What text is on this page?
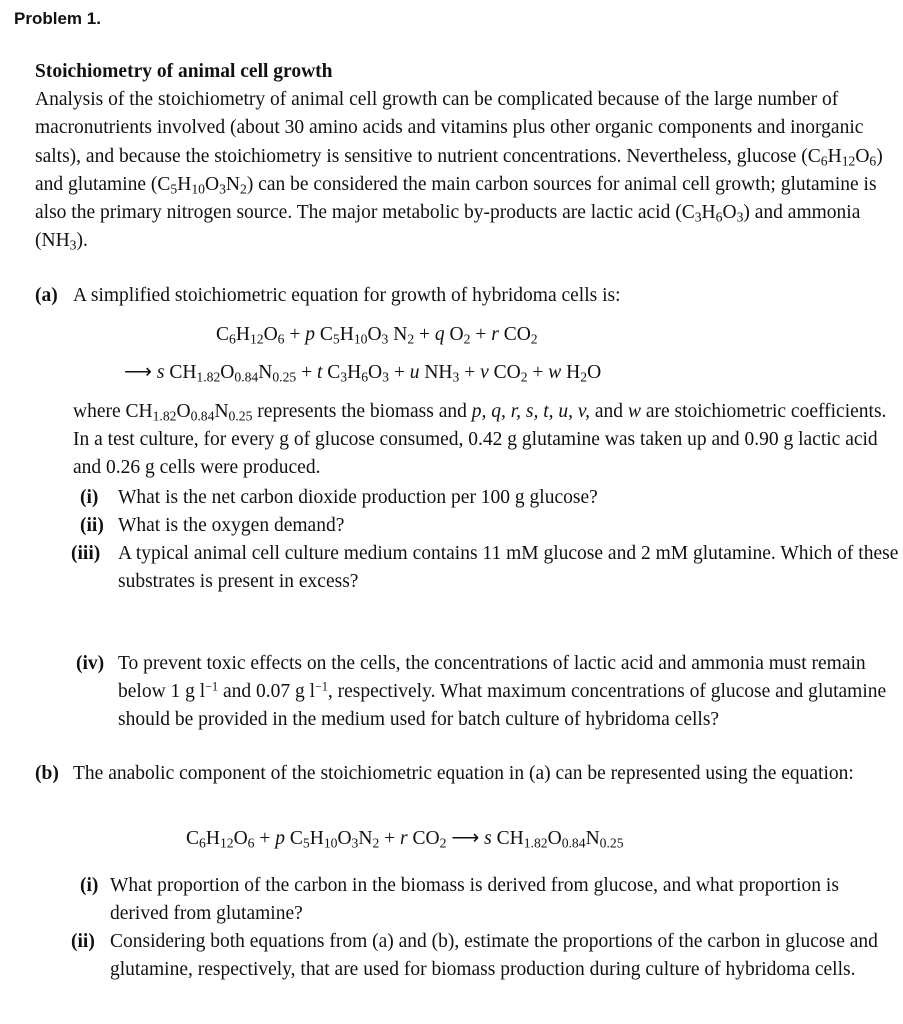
Problem 1.
Stoichiometry of animal cell growth
Analysis of the stoichiometry of animal cell growth can be complicated because of the large number of macronutrients involved (about 30 amino acids and vitamins plus other organic components and inorganic salts), and because the stoichiometry is sensitive to nutrient concentrations. Nevertheless, glucose $(C_6H_{12}O_6)$ and glutamine $(C_5H_{10}O_3N_2)$ can be considered the main carbon sources for animal cell growth; glutamine is also the primary nitrogen source. The major metabolic by-products are lactic acid $(C_3H_6O_3)$ and ammonia $(NH_3)$.
(a) A simplified stoichiometric equation for growth of hybridoma cells is:
$C_6H_{12}O_6 + p$ $C_5H_{10}O_3$ $N_2 + q$ $O_2 + r$ $CO_2$
⟶ s $CH_{1.82}O_{0.84}N_{0.25} + t$ $C_3H_6O_3 + u$ $NH_3 + v$ $CO_2 + w$ $H_2O$
where $CH_{1.82}O_{0.84}N_{0.25}$ represents the biomass and p, q, r, s, t, u, v, and w are stoichiometric coefficients. In a test culture, for every g of glucose consumed, 0.42 g glutamine was taken up and 0.90 g lactic acid and 0.26 g cells were produced.
(i)	What is the net carbon dioxide production per 100 g glucose?
(ii) What is the oxygen demand?
(iii) A typical animal cell culture medium contains 11 mM glucose and 2 mM glutamine. Which of these substrates is present in excess?
(iv) To prevent toxic effects on the cells, the concentrations of lactic acid and ammonia must remain below 1 g $l^{-1}$ and 0.07 g $l^{-1}$, respectively. What maximum concentrations of glucose and glutamine should be provided in the medium used for batch culture of hybridoma cells?
(b) The anabolic component of the stoichiometric equation in (a) can be represented using the equation:
$C_6H_{12}O_6 + p$ $C_5H_{10}O_3N_2 + r$ $CO_2$ ⟶ s $CH_{1.82}O_{0.84}N_{0.25}$
(i) What proportion of the carbon in the biomass is derived from glucose, and what proportion is derived from glutamine?
(ii) Considering both equations from (a) and (b), estimate the proportions of the carbon in glucose and glutamine, respectively, that are used for biomass production during culture of hybridoma cells.
